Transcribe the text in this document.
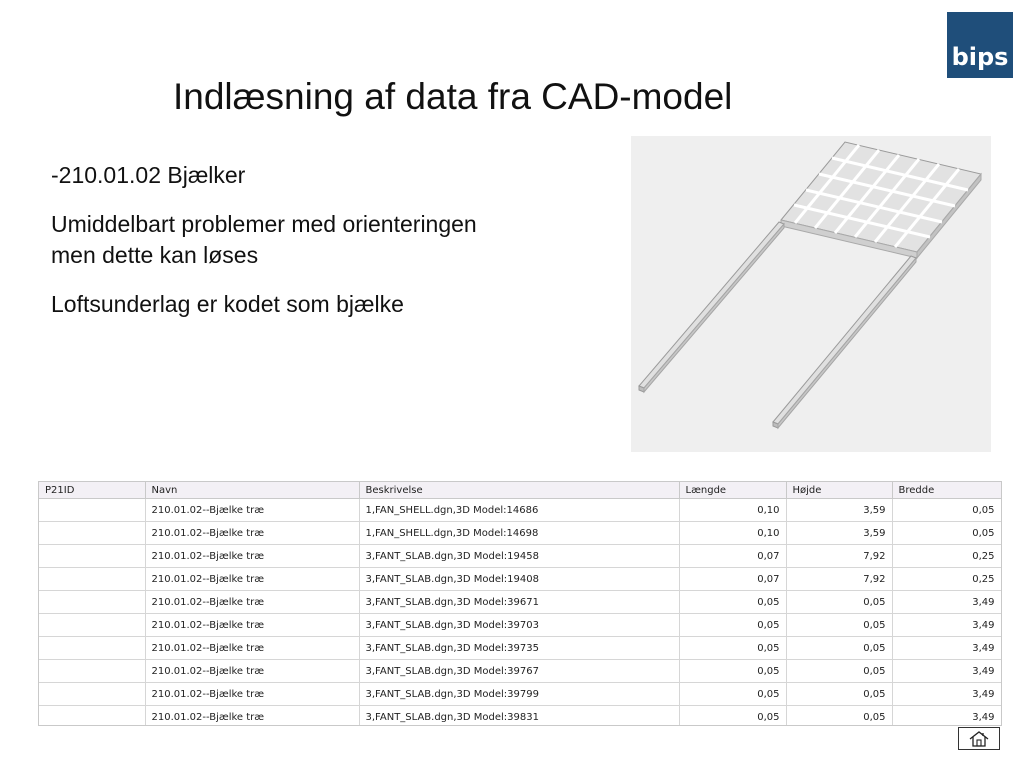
bips
Indlæsning af data fra CAD-model

-210.01.02 Bjælker

Umiddelbart problemer med orienteringen men dette kan løses

Loftsunderlag er kodet som bjælke

P21ID	Navn	Beskrivelse	Længde	Højde	Bredde
	210.01.02--Bjælke træ	1,FAN_SHELL.dgn,3D Model:14686	0,10	3,59	0,05
	210.01.02--Bjælke træ	1,FAN_SHELL.dgn,3D Model:14698	0,10	3,59	0,05
	210.01.02--Bjælke træ	3,FANT_SLAB.dgn,3D Model:19458	0,07	7,92	0,25
	210.01.02--Bjælke træ	3,FANT_SLAB.dgn,3D Model:19408	0,07	7,92	0,25
	210.01.02--Bjælke træ	3,FANT_SLAB.dgn,3D Model:39671	0,05	0,05	3,49
	210.01.02--Bjælke træ	3,FANT_SLAB.dgn,3D Model:39703	0,05	0,05	3,49
	210.01.02--Bjælke træ	3,FANT_SLAB.dgn,3D Model:39735	0,05	0,05	3,49
	210.01.02--Bjælke træ	3,FANT_SLAB.dgn,3D Model:39767	0,05	0,05	3,49
	210.01.02--Bjælke træ	3,FANT_SLAB.dgn,3D Model:39799	0,05	0,05	3,49
	210.01.02--Bjælke træ	3,FANT_SLAB.dgn,3D Model:39831	0,05	0,05	3,49
